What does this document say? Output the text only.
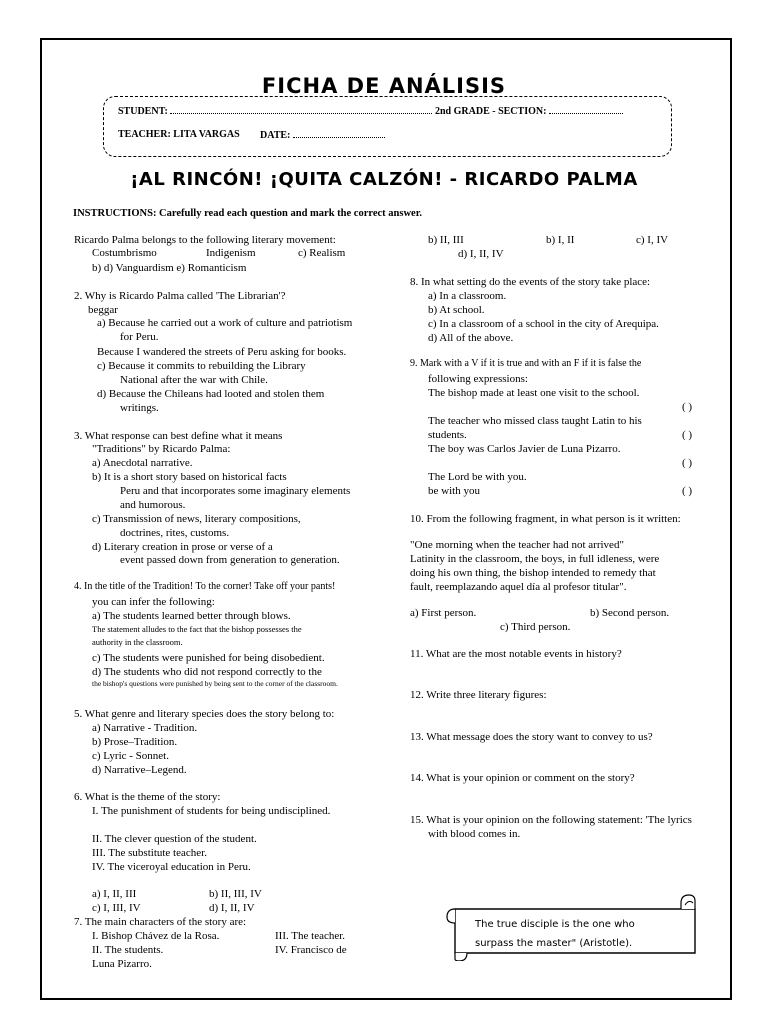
FICHA DE ANÁLISIS
STUDENT:	2nd GRADE - SECTION:
TEACHER: LITA VARGAS DATE:
¡AL RINCÓN! ¡QUITA CALZÓN! - RICARDO PALMA
INSTRUCTIONS: Carefully read each question and mark the correct answer.
Ricardo Palma belongs to the following literary movement:
Costumbrismo	Indigenism	c) Realism
b) d) Vanguardism e) Romanticism
2. Why is Ricardo Palma called 'The Librarian'?
beggar
a) Because he carried out a work of culture and patriotism
for Peru.
Because I wandered the streets of Peru asking for books.
c) Because it commits to rebuilding the Library
National after the war with Chile.
d) Because the Chileans had looted and stolen them
writings.
3. What response can best define what it means
"Traditions" by Ricardo Palma:
a) Anecdotal narrative.
b) It is a short story based on historical facts
Peru and that incorporates some imaginary elements
and humorous.
c) Transmission of news, literary compositions,
doctrines, rites, customs.
d) Literary creation in prose or verse of a
event passed down from generation to generation.
4. In the title of the Tradition! To the corner! Take off your pants!
you can infer the following:
a) The students learned better through blows.
The statement alludes to the fact that the bishop possesses the
authority in the classroom.
c) The students were punished for being disobedient.
d) The students who did not respond correctly to the
the bishop's questions were punished by being sent to the corner of the classroom.
5. What genre and literary species does the story belong to:
a) Narrative - Tradition.
b) Prose–Tradition.
c) Lyric - Sonnet.
d) Narrative–Legend.
6. What is the theme of the story:
I. The punishment of students for being undisciplined.
II. The clever question of the student.
III. The substitute teacher.
IV. The viceroyal education in Peru.
a) I, II, III	b) II, III, IV
c) I, III, IV	d) I, II, IV
7. The main characters of the story are:
I. Bishop Chávez de la Rosa.	III. The teacher.
II. The students.	IV. Francisco de
Luna Pizarro.
b) II, III	b) I, II	c) I, IV
d) I, II, IV
8. In what setting do the events of the story take place:
a) In a classroom.
b) At school.
c) In a classroom of a school in the city of Arequipa.
d) All of the above.
9. Mark with a V if it is true and with an F if it is false the
following expressions:
The bishop made at least one visit to the school.
( )
The teacher who missed class taught Latin to his
students.	( )
The boy was Carlos Javier de Luna Pizarro.
( )
The Lord be with you.
be with you	( )
10. From the following fragment, in what person is it written:
"One morning when the teacher had not arrived"
Latinity in the classroom, the boys, in full idleness, were
doing his own thing, the bishop intended to remedy that
fault, reemplazando aquel día al profesor titular".
a) First person.	b) Second person.
c) Third person.
11. What are the most notable events in history?
12. Write three literary figures:
13. What message does the story want to convey to us?
14. What is your opinion or comment on the story?
15. What is your opinion on the following statement: 'The lyrics
with blood comes in.
The true disciple is the one who
surpass the master" (Aristotle).
